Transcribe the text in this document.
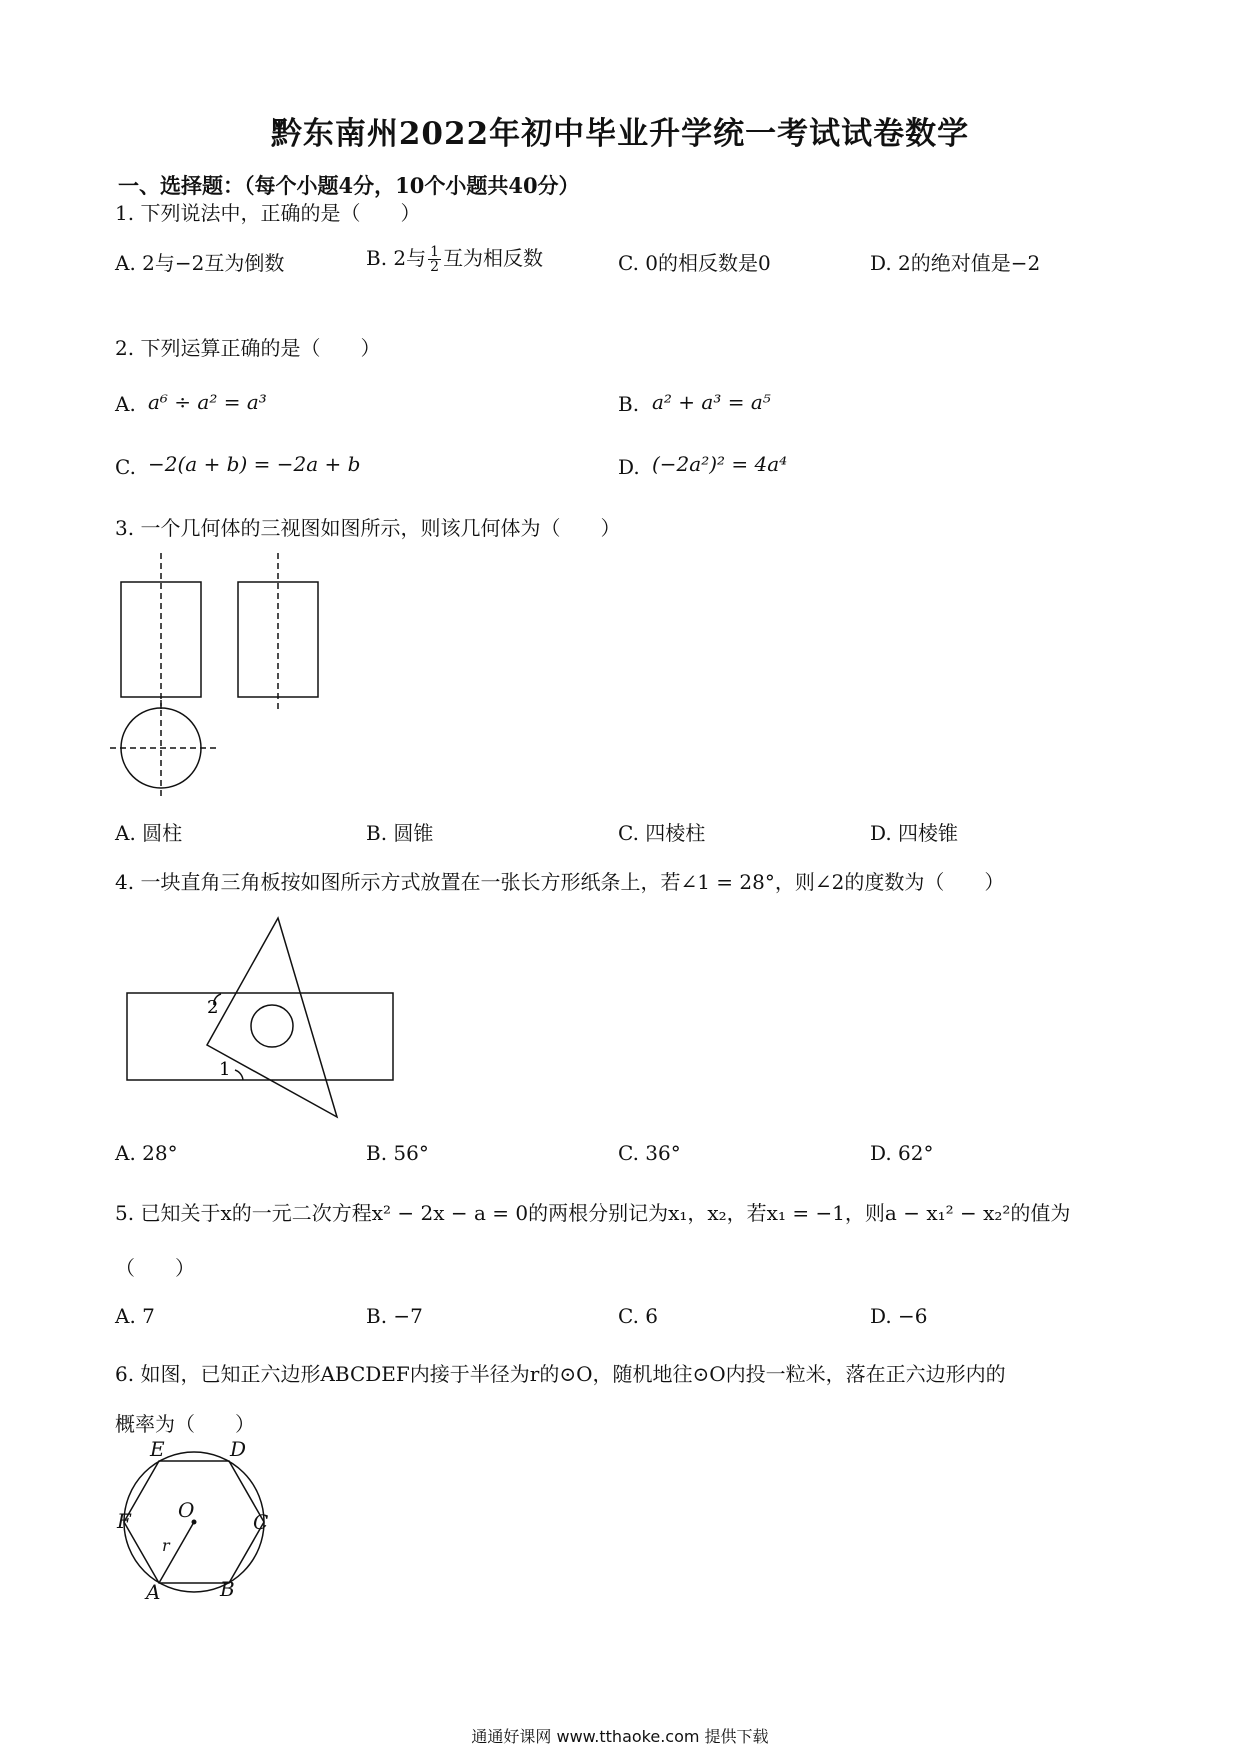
黔东南州2022年初中毕业升学统一考试试卷数学
一、选择题：（每个小题4分，10个小题共40分）
1. 下列说法中，正确的是（　　）
A. 2与−2互为倒数	B. 2与 $\frac{1}{2}$ 互为相反数	C. 0的相反数是0	D. 2的绝对值是−2
2. 下列运算正确的是（　　）
A. a⁶ ÷ a² = a³	B. a² + a³ = a⁵
C. −2(a + b) = −2a + b	D. (−2a²)² = 4a⁴
3. 一个几何体的三视图如图所示，则该几何体为（　　）
A. 圆柱	B. 圆锥	C. 四棱柱	D. 四棱锥
4. 一块直角三角板按如图所示方式放置在一张长方形纸条上，若∠1 = 28°，则∠2的度数为（　　）
2
1
A. 28°	B. 56°	C. 36°	D. 62°
5. 已知关于x的一元二次方程x² − 2x − a = 0的两根分别记为x₁，x₂，若x₁ = −1，则a − x₁² − x₂²的值为
（　　）
A. 7	B. −7	C. 6	D. −6
6. 如图，已知正六边形ABCDEF内接于半径为r的⊙O，随机地往⊙O内投一粒米，落在正六边形内的
概率为（　　）
E	D
F O	C
r
A	B
通通好课网 www.tthaoke.com 提供下载
